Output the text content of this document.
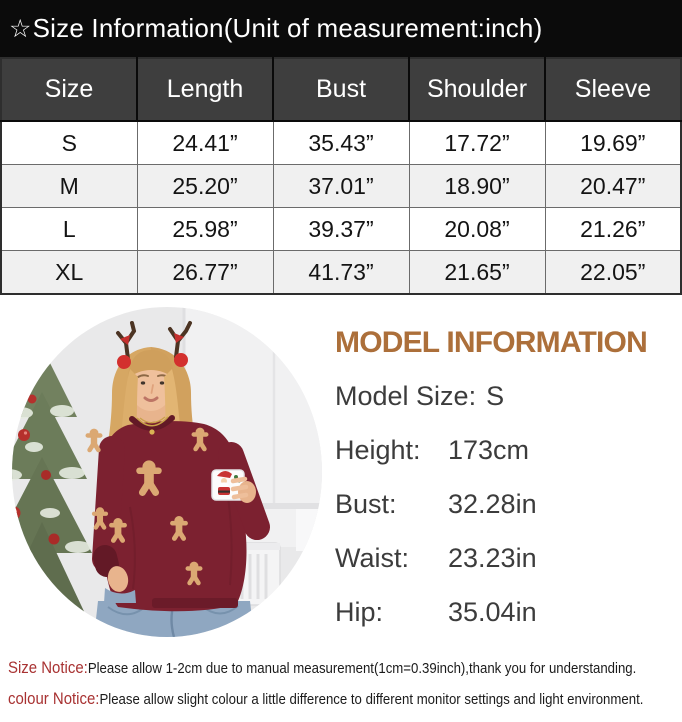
☆ Size Information(Unit of measurement:inch)
Size	Length	Bust	Shoulder	Sleeve
S	24.41”	35.43”	17.72”	19.69”
M	25.20”	37.01”	18.90”	20.47”
L	25.98”	39.37”	20.08”	21.26”
XL	26.77”	41.73”	21.65”	22.05”
MODEL INFORMATION
Model Size: S
Height:	173cm
Bust:	32.28in
Waist:	23.23in
Hip:	35.04in

Size Notice:Please allow 1-2cm due to manual measurement(1cm=0.39inch),thank you for understanding.

colour Notice:Please allow slight colour a little difference to different monitor settings and light environment.
